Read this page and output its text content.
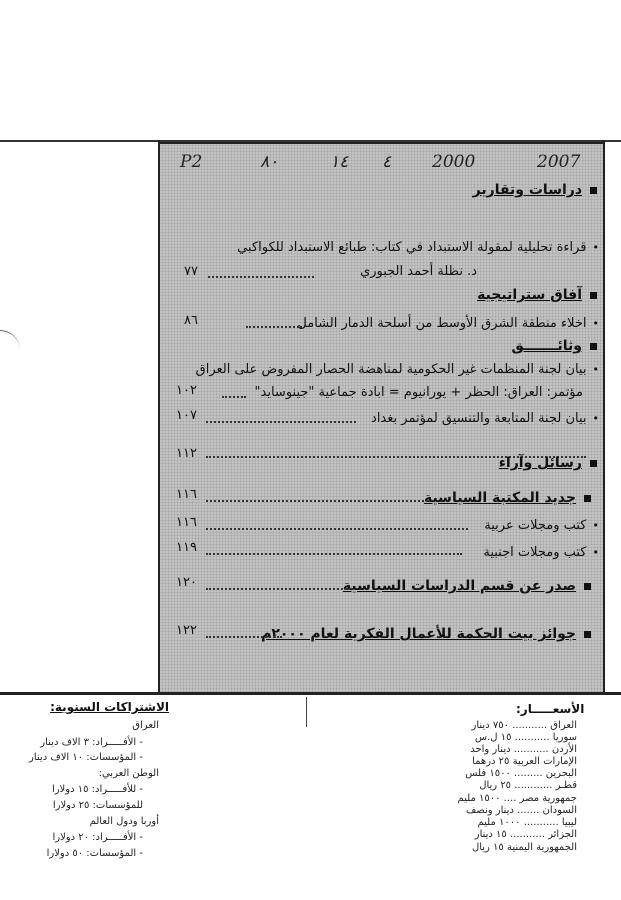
2007
2000
٤
١٤
٨٠
P2
دراسات وتقارير
•قراءة تحليلية لمقولة الاستبداد في كتاب: طبائع الاستبداد للكواكبي
د. نظلة أحمد الجبوري
٧٧
آفاق ستراتيجية
•اخلاء منطقة الشرق الأوسط من أسلحة الدمار الشامل
٨٦
وثائـــــــق
•بيان لجنة المنظمات غير الحكومية لمناهضة الحصار المفروض على العراق
مؤتمر: العراق: الحظر + يورانيوم = ابادة جماعية "جينوسايد"
١٠٢
•بيان لجنة المتابعة والتنسيق لمؤتمر بغداد
١٠٧
١١٢
رسائل وآراء
جديد المكتبة السياسية
١١٦
•كتب ومجلات عربية
١١٦
•كتب ومجلات اجنبية
١١٩
صدر عن قسم الدراسات السياسية
١٢٠
جوائز بيت الحكمة للأعمال الفكرية لعام ٢٠٠٠م
١٢٢
الاشتراكات السنوية:
العراق
- الأفـــــراد: ٣ الاف دينار
- المؤسسات: ١٠ الاف دينار
الوطن العربي:
- للأفـــــراد: ١٥ دولارا
للمؤسسات: ٢٥ دولارا
أوربا ودول العالم
- الأفـــــراد: ٢٠ دولارا
- المؤسسات: ٥٠ دولارا
الأسعـــــار:
العراق ........... ٧٥٠ دينار
سوريا ........... ١٥ ل.س
الأردن ........... دينار واحد
الإمارات العربية ٢٥ درهما
البحرين ......... ١٥٠٠ فلس
قطـر ............ ٢٥ ريال
جمهورية مصر .... ١٥٠٠ مليم
السودان ....... دينار ونصف
ليبيا ........... ١٠٠٠ مليم
الجزائر ........... ١٥ دينار
الجمهورية اليمنية ١٥ ريال
